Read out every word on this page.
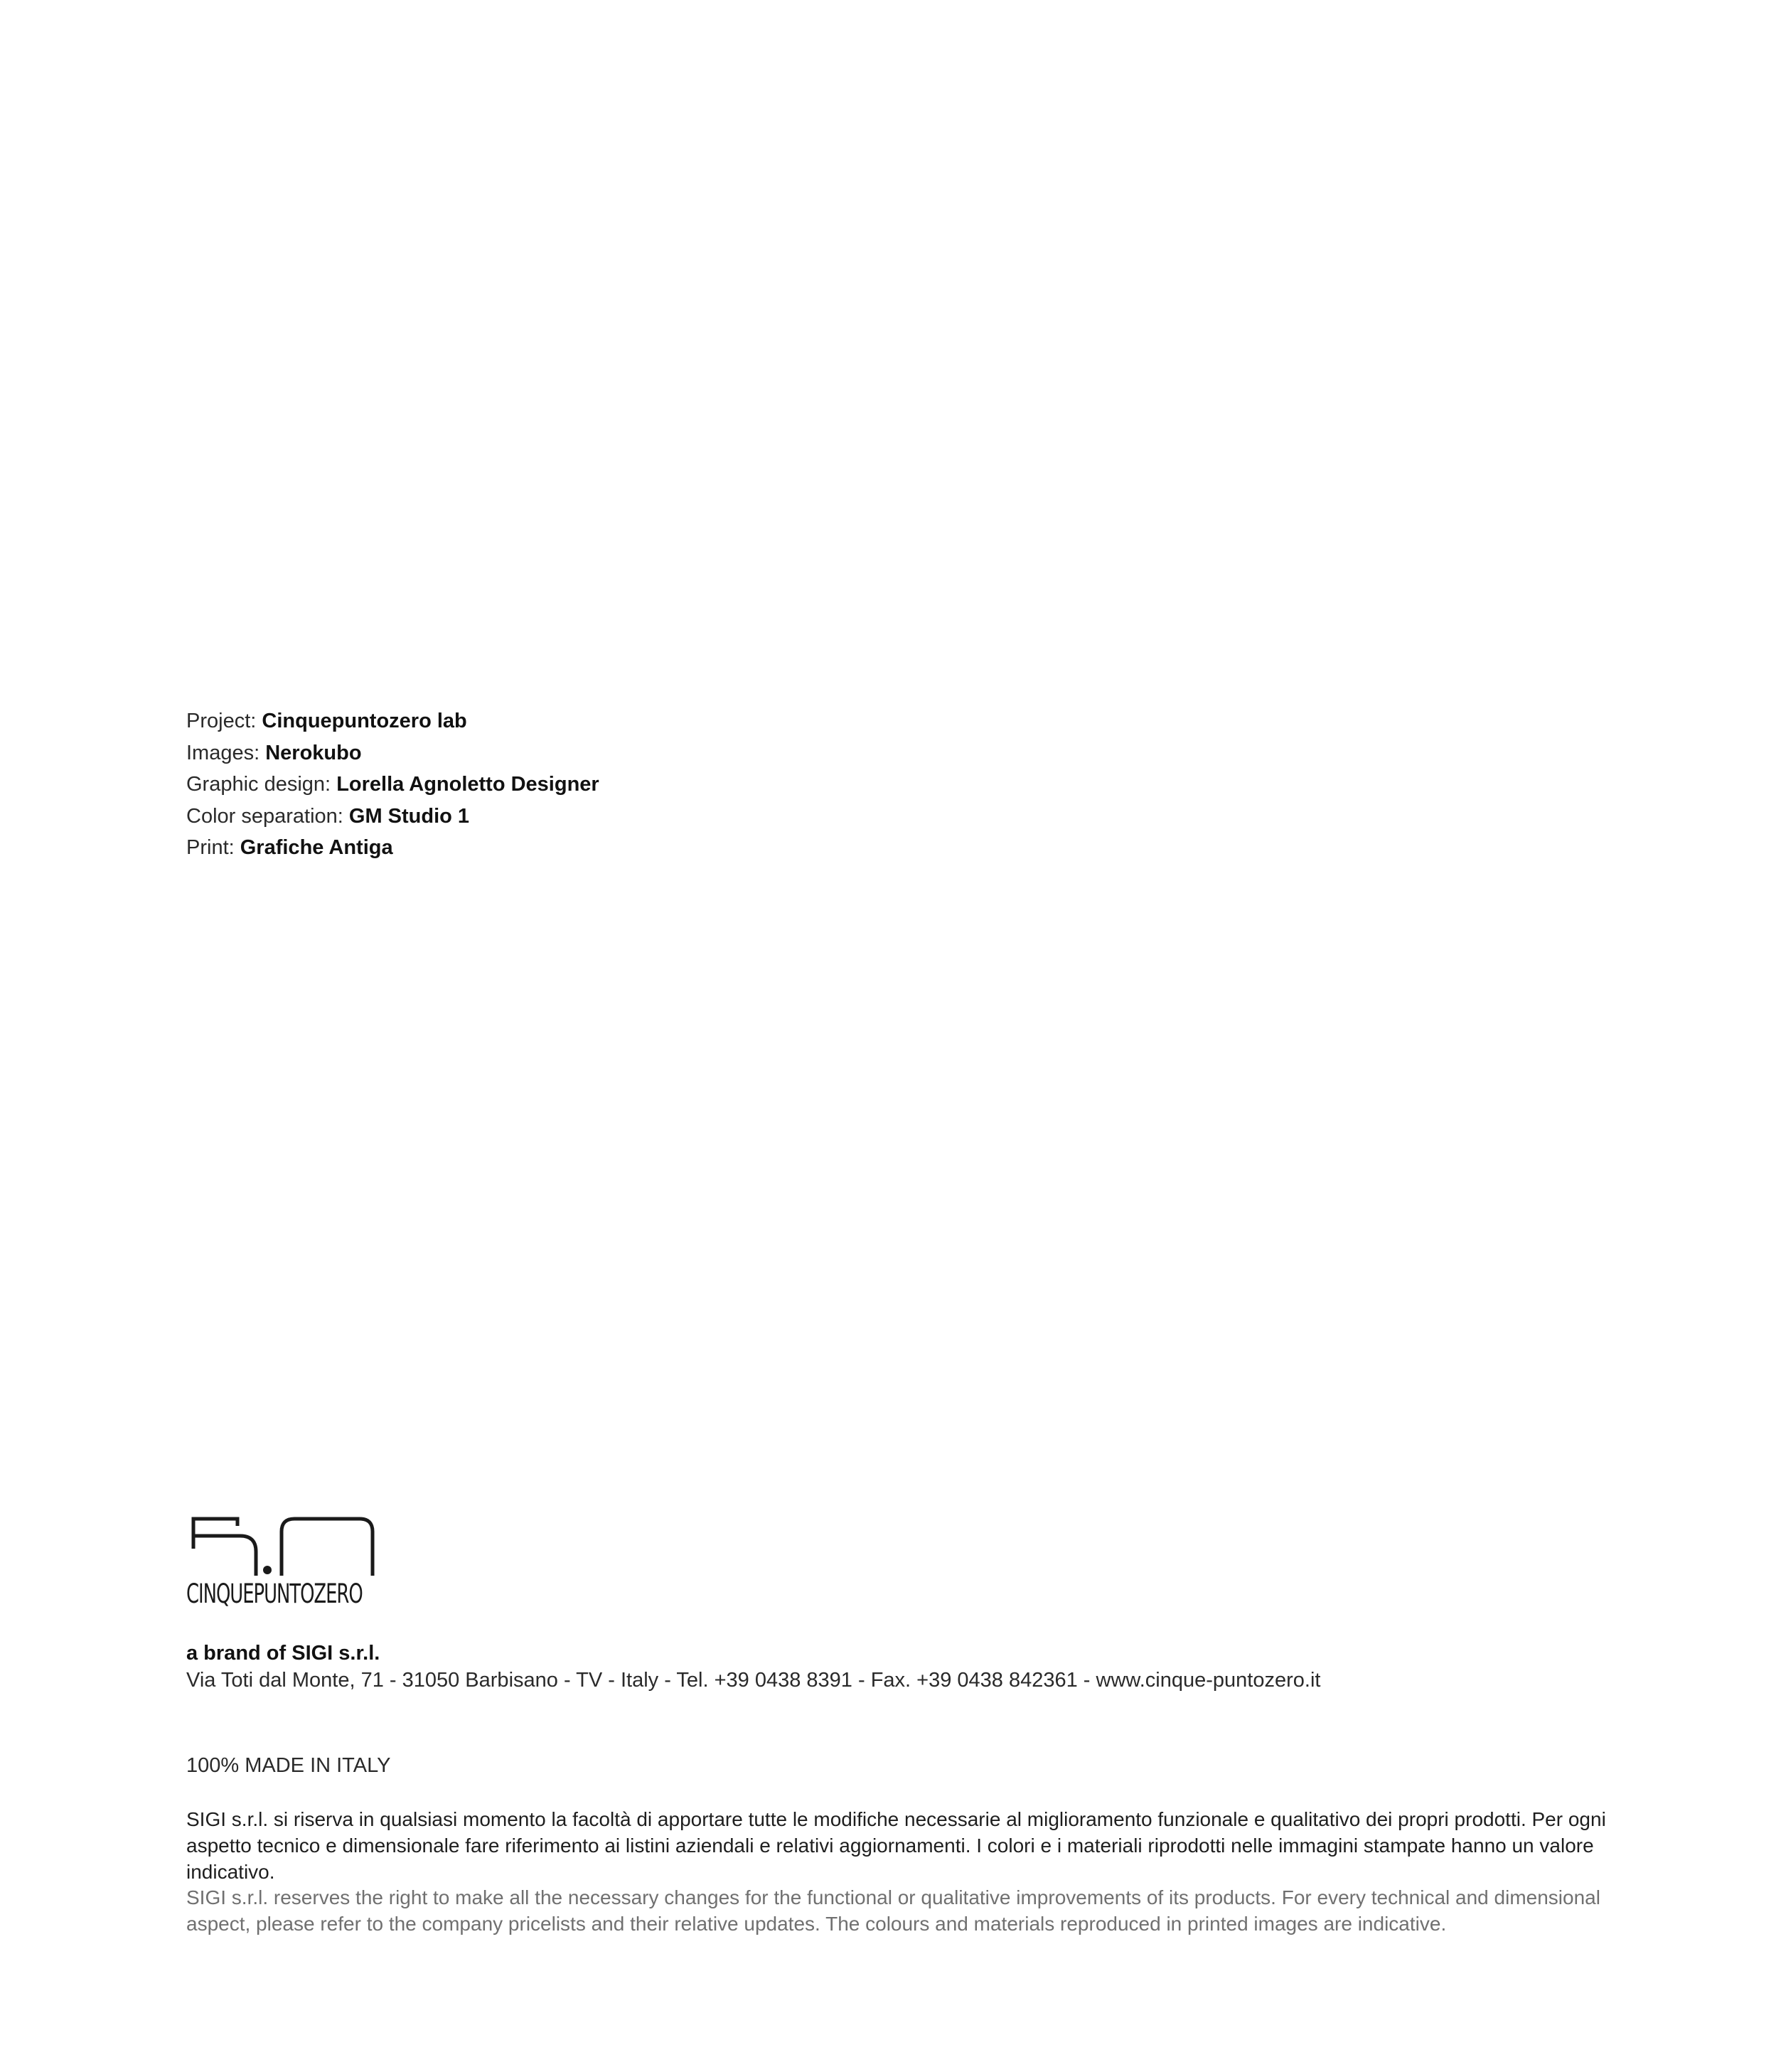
Project: Cinquepuntozero lab
Images: Nerokubo
Graphic design: Lorella Agnoletto Designer
Color separation: GM Studio 1
Print: Grafiche Antiga
CINQUEPUNTOZERO
a brand of SIGI s.r.l.
Via Toti dal Monte, 71 - 31050 Barbisano - TV - Italy - Tel. +39 0438 8391 - Fax. +39 0438 842361 - www.cinque-puntozero.it
100% MADE IN ITALY
SIGI s.r.l. si riserva in qualsiasi momento la facoltà di apportare tutte le modifiche necessarie al miglioramento funzionale e qualitativo dei propri prodotti. Per ogni aspetto tecnico e dimensionale fare riferimento ai listini aziendali e relativi aggiornamenti. I colori e i materiali riprodotti nelle immagini stampate hanno un valore indicativo.
SIGI s.r.l. reserves the right to make all the necessary changes for the functional or qualitative improvements of its products. For every technical and dimensional aspect, please refer to the company pricelists and their relative updates. The colours and materials reproduced in printed images are indicative.
